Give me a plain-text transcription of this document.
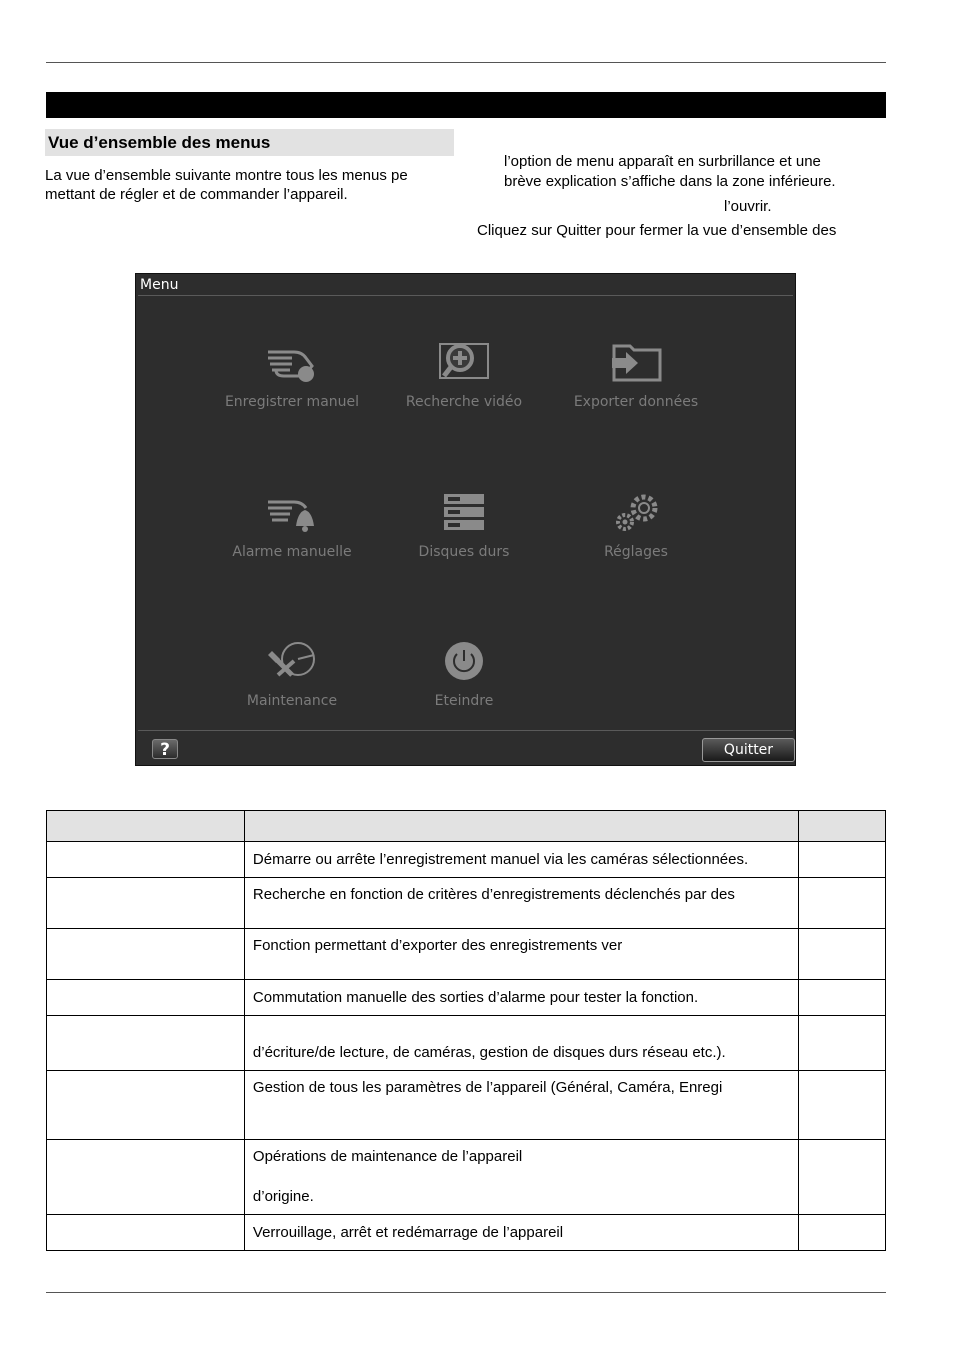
Vue d’ensemble des menus
La vue d’ensemble suivante montre tous les menus pe
mettant de régler et de commander l’appareil.
l’option de menu apparaît en surbrillance et une
brève explication s’affiche dans la zone inférieure.
l’ouvrir.
Cliquez sur Quitter pour fermer la vue d’ensemble des
Menu
Enregistrer manuel	Recherche vidéo	Exporter données
Alarme manuelle	Disques durs	Réglages
Maintenance	Eteindre
?	Quitter

	Démarre ou arrête l’enregistrement manuel via les caméras sélectionnées.	

	Recherche en fonction de critères d’enregistrements déclenchés par des	

	Fonction permettant d’exporter des enregistrements ver	

	Commutation manuelle des sorties d’alarme pour tester la fonction.	

	d’écriture/de lecture, de caméras, gestion de disques durs réseau etc.).	

	Gestion de tous les paramètres de l’appareil (Général, Caméra, Enregi	

	Opérations de maintenance de l’appareil
d’origine.	

	Verrouillage, arrêt et redémarrage de l’appareil	
